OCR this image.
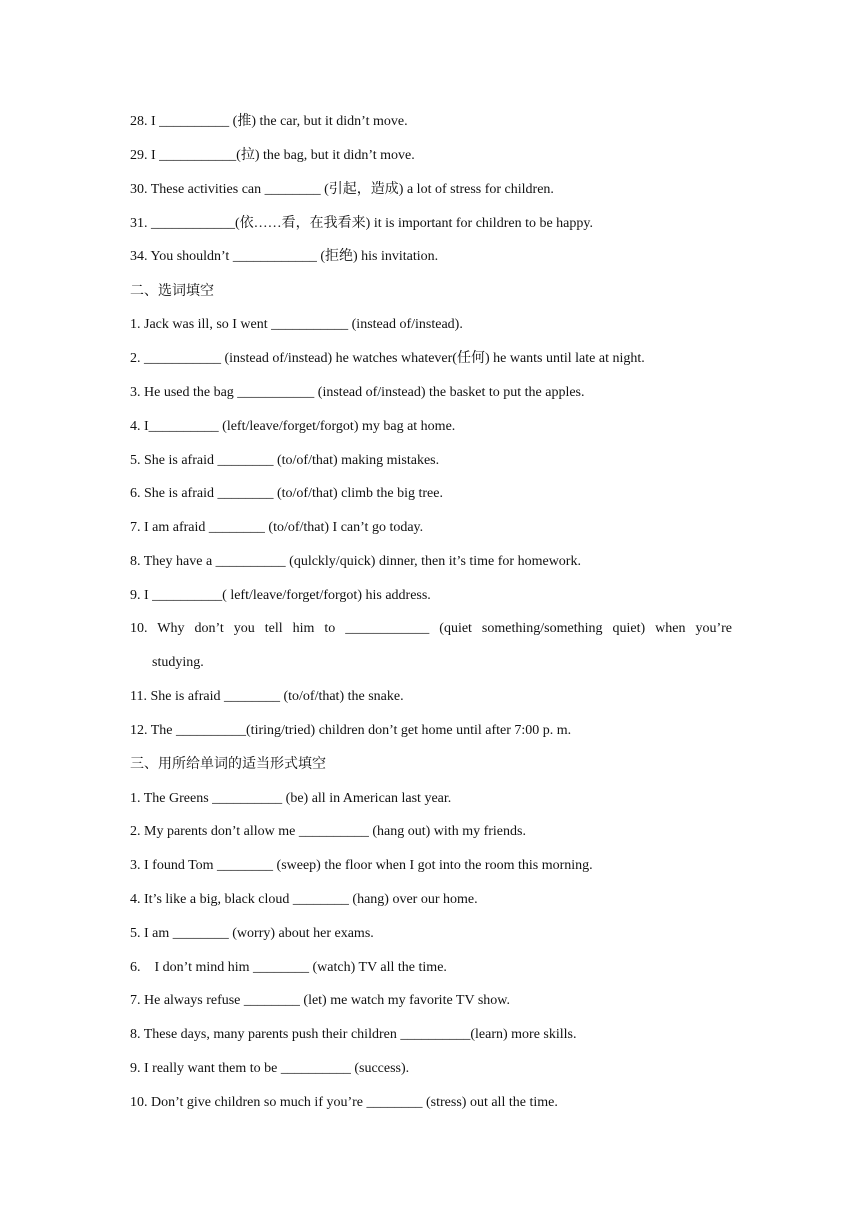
28. I __________ (推) the car, but it didn’t move.
29. I ___________(拉) the bag, but it didn’t move.
30. These activities can ________ (引起，造成) a lot of stress for children.
31. ____________(依……看，在我看来) it is important for children to be happy.
34. You shouldn’t ____________ (拒绝) his invitation.
二、选词填空
1. Jack was ill, so I went ___________ (instead of/instead).
2. ___________ (instead of/instead) he watches whatever(任何) he wants until late at night.
3. He used the bag ___________ (instead of/instead) the basket to put the apples.
4. I__________ (left/leave/forget/forgot) my bag at home.
5. She is afraid ________ (to/of/that) making mistakes.
6. She is afraid ________ (to/of/that) climb the big tree.
7. I am afraid ________ (to/of/that) I can’t go today.
8. They have a __________ (qulckly/quick) dinner, then it’s time for homework.
9. I __________( left/leave/forget/forgot) his address.
10. Why don’t you tell him to ____________ (quiet something/something quiet) when you’re
studying.
11. She is afraid ________ (to/of/that) the snake.
12. The __________(tiring/tried) children don’t get home until after 7:00 p. m.
三、用所给单词的适当形式填空
1. The Greens __________ (be) all in American last year.
2. My parents don’t allow me __________ (hang out) with my friends.
3. I found Tom ________ (sweep) the floor when I got into the room this morning.
4. It’s like a big, black cloud ________ (hang) over our home.
5. I am ________ (worry) about her exams.
6.    I don’t mind him ________ (watch) TV all the time.
7. He always refuse ________ (let) me watch my favorite TV show.
8. These days, many parents push their children __________(learn) more skills.
9. I really want them to be __________ (success).
10. Don’t give children so much if you’re ________ (stress) out all the time.
